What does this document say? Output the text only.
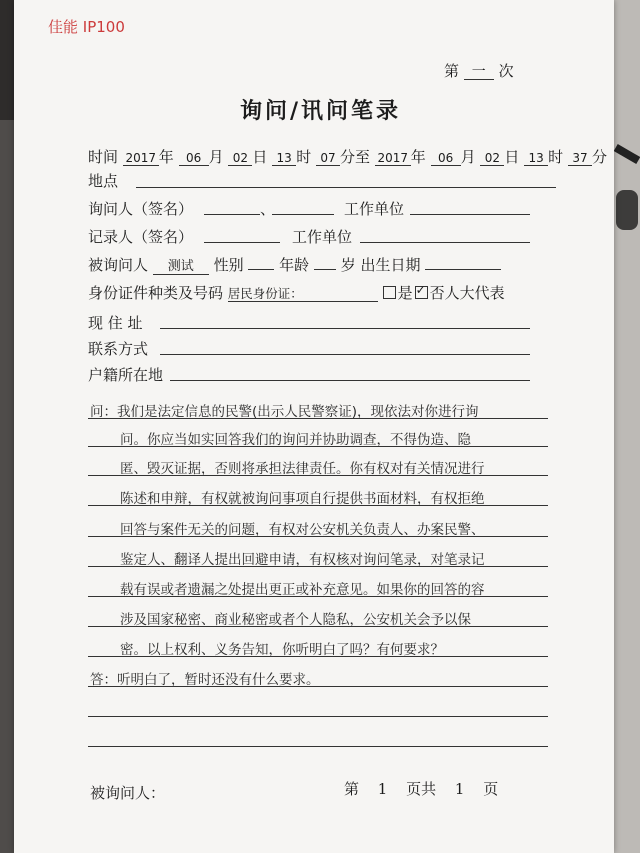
佳能 IP100
第 一 次
询问/讯问笔录
时间 2017 年 06 月 02 日 13 时 07 分至 2017 年 06 月 02 日 13 时 37 分
地点
询问人（签名）	、	工作单位
记录人（签名）	工作单位
被询问人 测试 性别 年龄 岁 出生日期
身份证件种类及号码 居民身份证：	是✓ 否人大代表
现 住 址
联系方式
户籍所在地
问：我们是法定信息的民警(出示人民警察证)，现依法对你进行询
问。你应当如实回答我们的询问并协助调查，不得伪造、隐
匿、毁灭证据，否则将承担法律责任。你有权对有关情况进行
陈述和申辩，有权就被询问事项自行提供书面材料，有权拒绝
回答与案件无关的问题，有权对公安机关负责人、办案民警、
鉴定人、翻译人提出回避申请，有权核对询问笔录，对笔录记
载有误或者遗漏之处提出更正或补充意见。如果你的回答的容
涉及国家秘密、商业秘密或者个人隐私，公安机关会予以保
密。以上权利、义务告知，你听明白了吗？有何要求？
答：听明白了，暂时还没有什么要求。
被询问人：	第 1 页共 1 页
